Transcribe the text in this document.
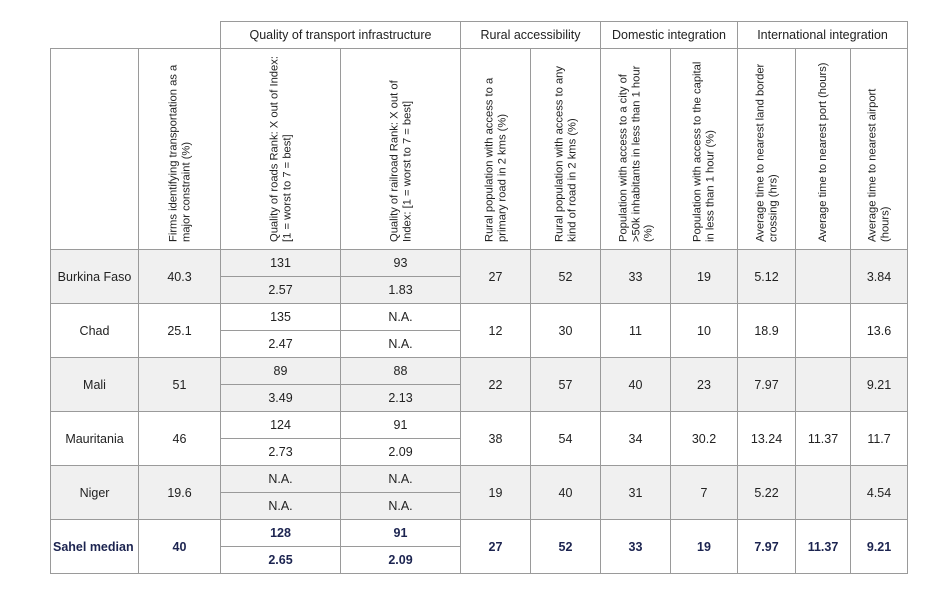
		Quality of transport infrastructure		Rural accessibility		Domestic integration		International integration		

	Firms identifying transportation as a major constraint (%)	Quality of roads Rank: X out of Index: [1 = worst to 7 = best]	Quality of railroad Rank: X out of Index: [1 = worst to 7 = best]	Rural population with access to a primary road in 2 kms (%)	Rural population with access to any kind of road in 2 kms (%)	Population with access to a city of >50k inhabitants in less than 1 hour (%)	Population with access to the capital in less than 1 hour (%)	Average time to nearest land border crossing (hrs)	Average time to nearest port (hours)	Average time to nearest airport (hours)

Burkina Faso	40.3	131	93	27	52	33	19	5.12		3.84
		2.57	1.83							
Chad	25.1	135	N.A.	12	30	11	10	18.9		13.6
		2.47	N.A.							
Mali	51	89	88	22	57	40	23	7.97		9.21
		3.49	2.13							
Mauritania	46	124	91	38	54	34	30.2	13.24	11.37	11.7
		2.73	2.09							
Niger	19.6	N.A.	N.A.	19	40	31	7	5.22		4.54
		N.A.	N.A.							
Sahel median	40	128	91	27	52	33	19	7.97	11.37	9.21
		2.65	2.09							
